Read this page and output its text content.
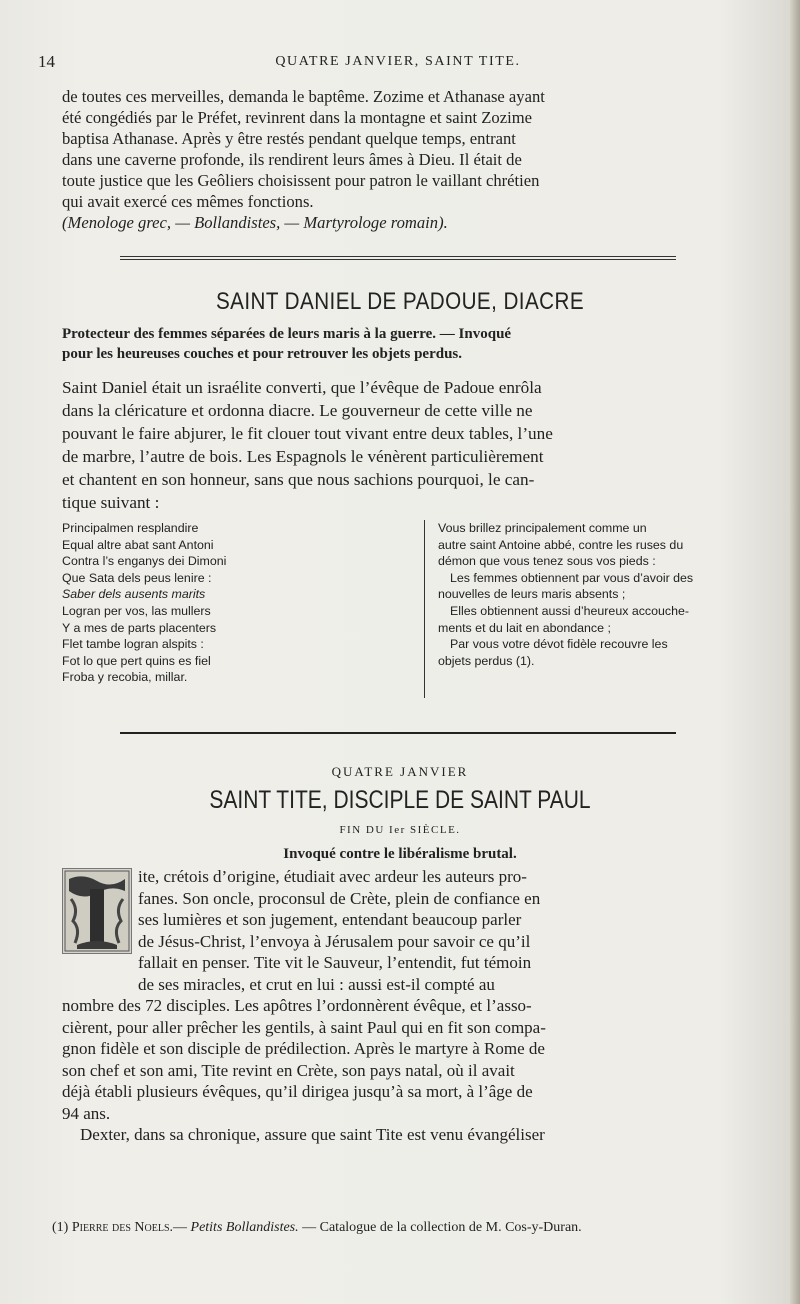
14	QUATRE JANVIER, SAINT TITE.
de toutes ces merveilles, demanda le baptême. Zozime et Athanase ayant
été congédiés par le Préfet, revinrent dans la montagne et saint Zozime
baptisa Athanase. Après y être restés pendant quelque temps, entrant
dans une caverne profonde, ils rendirent leurs âmes à Dieu. Il était de
toute justice que les Geôliers choisissent pour patron le vaillant chrétien
qui avait exercé ces mêmes fonctions.
(Menologe grec, — Bollandistes, — Martyrologe romain).
SAINT DANIEL DE PADOUE, DIACRE
Protecteur des femmes séparées de leurs maris à la guerre. — Invoqué
pour les heureuses couches et pour retrouver les objets perdus.
Saint Daniel était un israélite converti, que l’évêque de Padoue enrôla
dans la cléricature et ordonna diacre. Le gouverneur de cette ville ne
pouvant le faire abjurer, le fit clouer tout vivant entre deux tables, l’une
de marbre, l’autre de bois. Les Espagnols le vénèrent particulièrement
et chantent en son honneur, sans que nous sachions pourquoi, le can-
tique suivant :
Principalmen resplandire
Equal altre abat sant Antoni
Contra l’s enganys dei Dimoni
Que Sata dels peus lenire :
Saber dels ausents marits
Logran per vos, las mullers
Y a mes de parts placenters
Flet tambe logran alspits :
Fot lo que pert quins es fiel
Froba y recobia, millar.
Vous brillez principalement comme un
autre saint Antoine abbé, contre les ruses du
démon que vous tenez sous vos pieds :
Les femmes obtiennent par vous d’avoir des
nouvelles de leurs maris absents ;
Elles obtiennent aussi d’heureux accouche-
ments et du lait en abondance ;
Par vous votre dévot fidèle recouvre les
objets perdus (1).
QUATRE JANVIER
SAINT TITE, DISCIPLE DE SAINT PAUL
FIN DU Ier SIÈCLE.
Invoqué contre le libéralisme brutal.
ite, crétois d’origine, étudiait avec ardeur les auteurs pro-
fanes. Son oncle, proconsul de Crète, plein de confiance en
ses lumières et son jugement, entendant beaucoup parler
de Jésus-Christ, l’envoya à Jérusalem pour savoir ce qu’il
fallait en penser. Tite vit le Sauveur, l’entendit, fut témoin
de ses miracles, et crut en lui : aussi est-il compté au
nombre des 72 disciples. Les apôtres l’ordonnèrent évêque, et l’asso-
cièrent, pour aller prêcher les gentils, à saint Paul qui en fit son compa-
gnon fidèle et son disciple de prédilection. Après le martyre à Rome de
son chef et son ami, Tite revint en Crète, son pays natal, où il avait
déjà établi plusieurs évêques, qu’il dirigea jusqu’à sa mort, à l’âge de
94 ans.
Dexter, dans sa chronique, assure que saint Tite est venu évangéliser
(1) Pierre des Noels.— Petits Bollandistes. — Catalogue de la collection de M. Cos-y-Duran.
